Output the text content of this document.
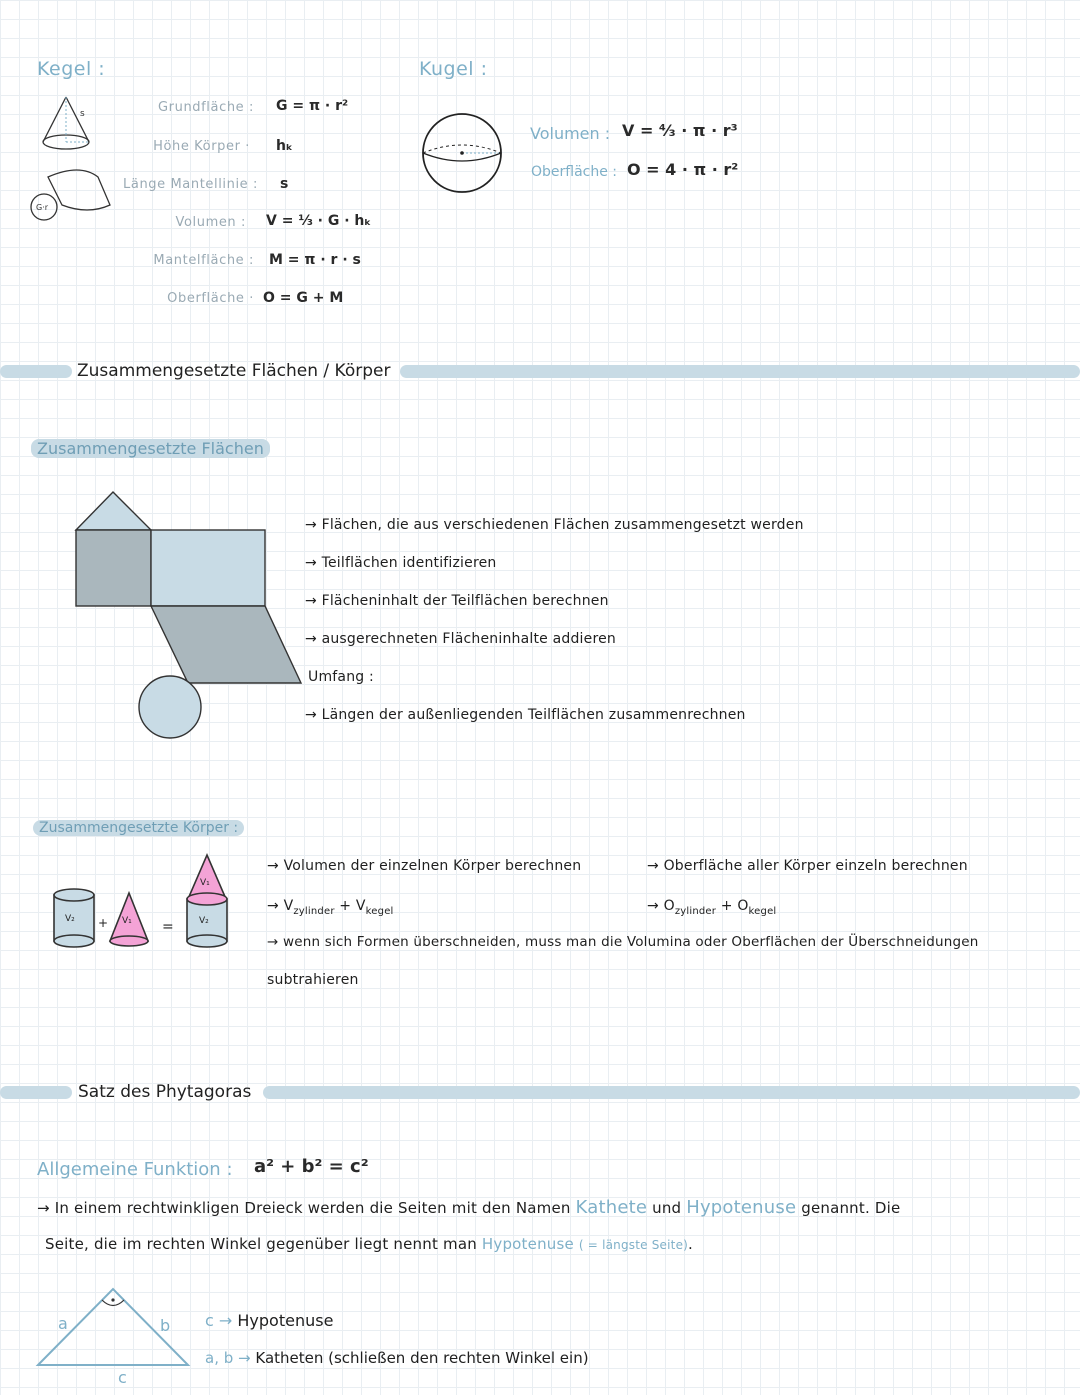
Kegel :
s
G·r
Grundfläche : G = π · r²
Höhe Körper · hₖ
Länge Mantellinie : s
Volumen : V = ⅓ · G · hₖ
Mantelfläche : M = π · r · s
Oberfläche · O = G + M
Kugel :
Volumen : V = ⁴⁄₃ · π · r³
Oberfläche : O = 4 · π · r²
Zusammengesetzte Flächen / Körper
Zusammengesetzte Flächen
→ Flächen, die aus verschiedenen Flächen zusammengesetzt werden
→ Teilflächen identifizieren
→ Flächeninhalt der Teilflächen berechnen
→ ausgerechneten Flächeninhalte addieren
Umfang :
→ Längen der außenliegenden Teilflächen zusammenrechnen
Zusammengesetzte Körper :
V₂ + V₁ =
V₁
V₂
→ Volumen der einzelnen Körper berechnen
→ $V_{zylinder} + V_{kegel}$
→ Oberfläche aller Körper einzeln berechnen
→ $O_{zylinder} + O_{kegel}$
→ wenn sich Formen überschneiden, muss man die Volumina oder Oberflächen der Überschneidungen
subtrahieren
Satz des Phytagoras
Allgemeine Funktion : a² + b² = c²
→ In einem rechtwinkligen Dreieck werden die Seiten mit den Namen Kathete und Hypotenuse genannt. Die
Seite, die im rechten Winkel gegenüber liegt nennt man Hypotenuse ( = längste Seite).
a	b
c
c → Hypotenuse
a, b → Katheten (schließen den rechten Winkel ein)
